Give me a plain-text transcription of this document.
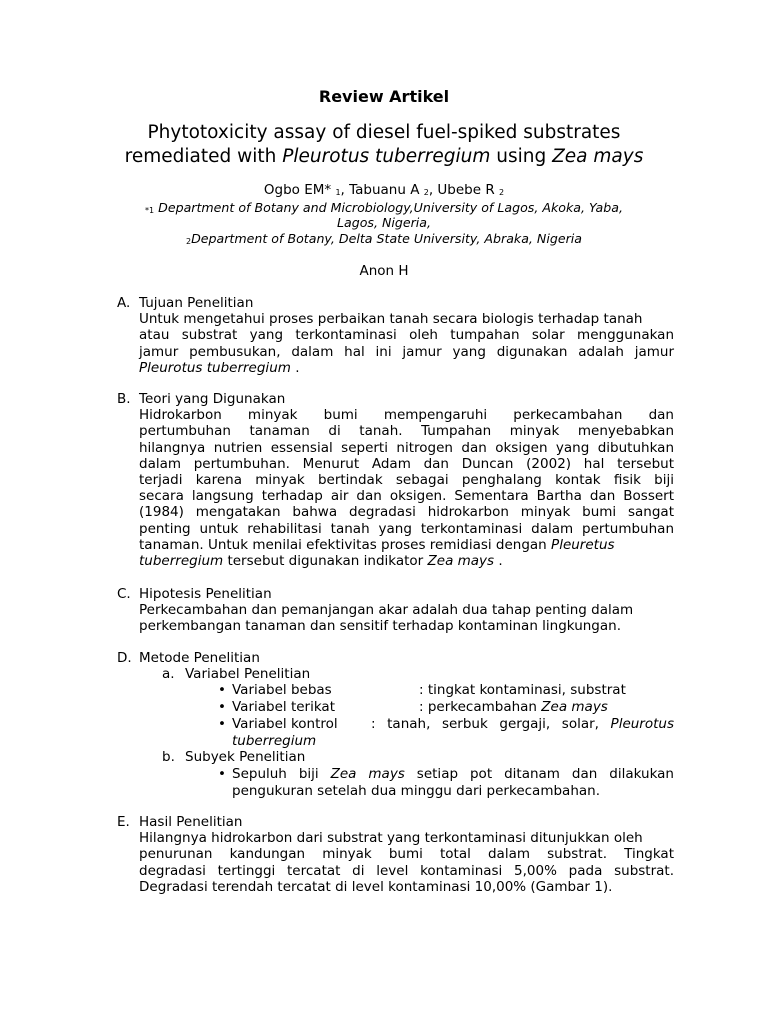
Review Artikel
Phytotoxicity assay of diesel fuel-spiked substrates
remediated with Pleurotus tuberregium using Zea mays
Ogbo EM* $_1$, Tabuanu A $_2$, Ubebe R $_2$
$_{*1}$ Department of Botany and Microbiology,University of Lagos, Akoka, Yaba,
Lagos, Nigeria,
$_2$Department of Botany, Delta State University, Abraka, Nigeria
Anon H
A. Tujuan Penelitian
Untuk mengetahui proses perbaikan tanah secara biologis terhadap tanah
atau substrat yang terkontaminasi oleh tumpahan solar menggunakan
jamur pembusukan, dalam hal ini jamur yang digunakan adalah jamur
Pleurotus tuberregium .
B. Teori yang Digunakan
Hidrokarbon minyak bumi mempengaruhi perkecambahan dan
pertumbuhan tanaman di tanah. Tumpahan minyak menyebabkan
hilangnya nutrien essensial seperti nitrogen dan oksigen yang dibutuhkan
dalam pertumbuhan. Menurut Adam dan Duncan (2002) hal tersebut
terjadi karena minyak bertindak sebagai penghalang kontak fisik biji
secara langsung terhadap air dan oksigen. Sementara Bartha dan Bossert
(1984) mengatakan bahwa degradasi hidrokarbon minyak bumi sangat
penting untuk rehabilitasi tanah yang terkontaminasi dalam pertumbuhan
tanaman. Untuk menilai efektivitas proses remidiasi dengan Pleuretus
tuberregium tersebut digunakan indikator Zea mays .
C. Hipotesis Penelitian
Perkecambahan dan pemanjangan akar adalah dua tahap penting dalam
perkembangan tanaman dan sensitif terhadap kontaminan lingkungan.
D. Metode Penelitian
a. Variabel Penelitian
• Variabel bebas	: tingkat kontaminasi, substrat
• Variabel terikat	: perkecambahan Zea mays
• Variabel kontrol : tanah, serbuk gergaji, solar, Pleurotus
tuberregium
b. Subyek Penelitian
• Sepuluh biji Zea mays setiap pot ditanam dan dilakukan
pengukuran setelah dua minggu dari perkecambahan.
E. Hasil Penelitian
Hilangnya hidrokarbon dari substrat yang terkontaminasi ditunjukkan oleh
penurunan kandungan minyak bumi total dalam substrat. Tingkat
degradasi tertinggi tercatat di level kontaminasi 5,00% pada substrat.
Degradasi terendah tercatat di level kontaminasi 10,00% (Gambar 1).
